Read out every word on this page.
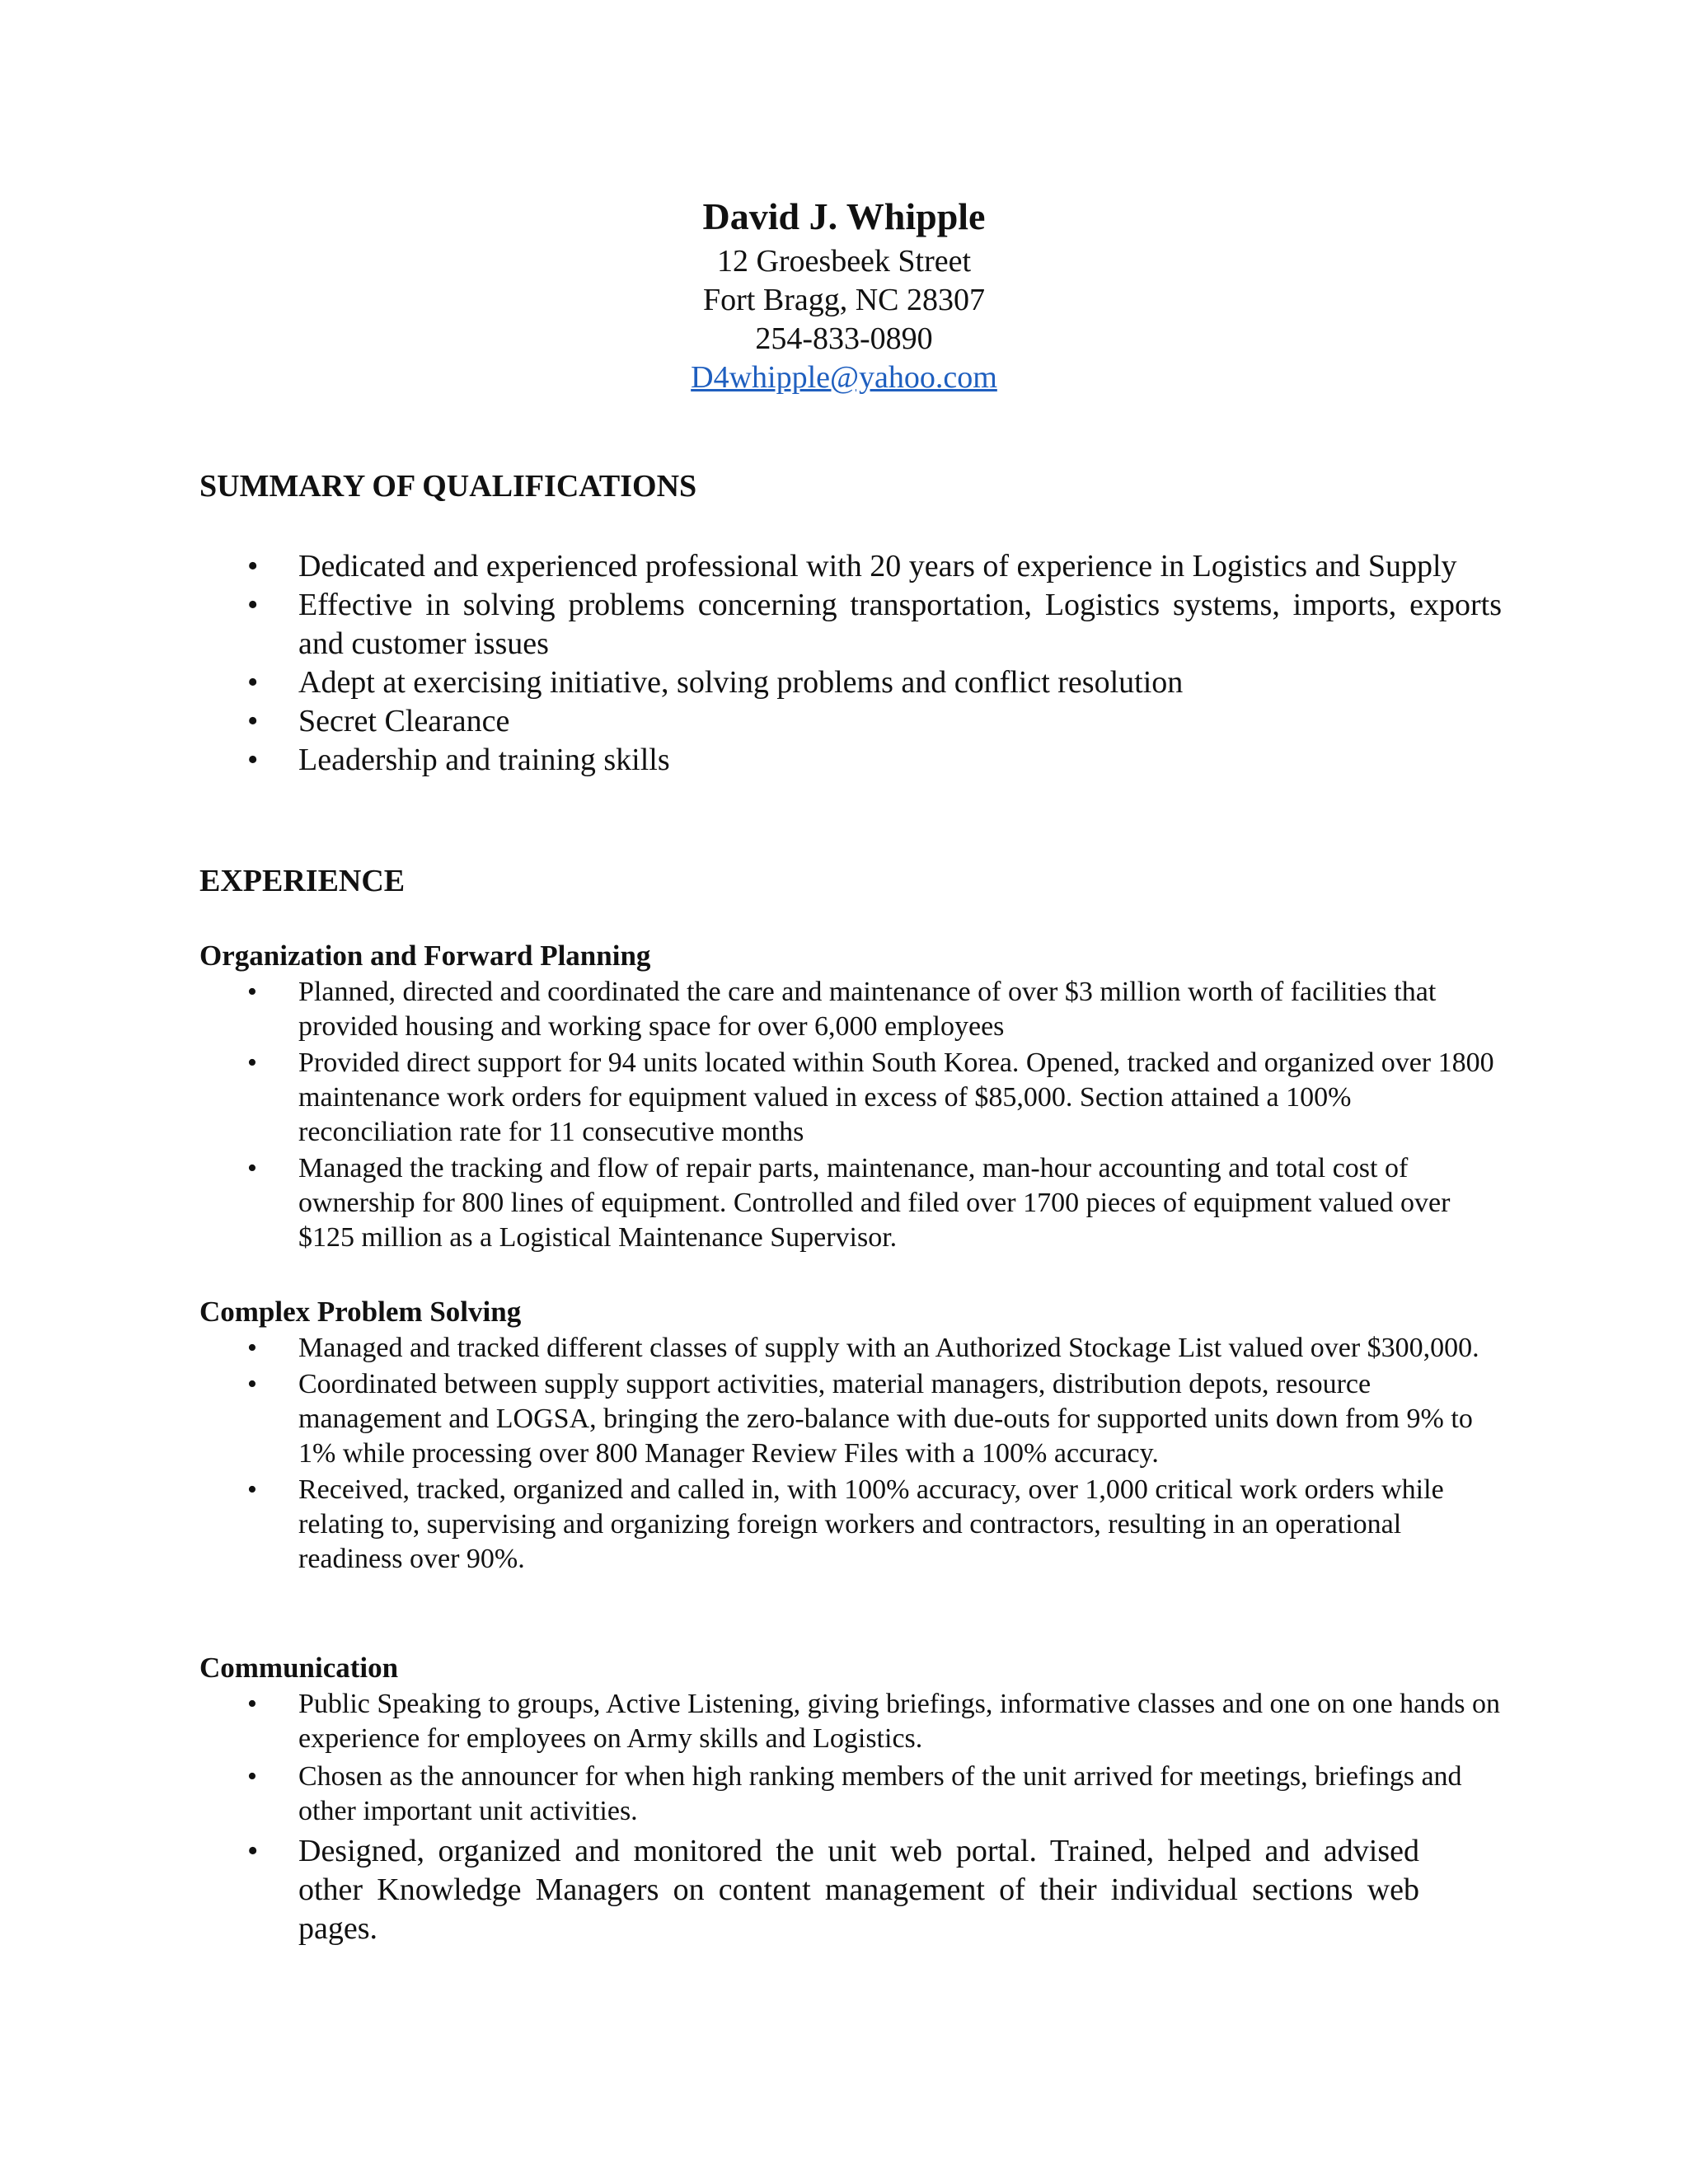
David J. Whipple
12 Groesbeek Street
Fort Bragg, NC 28307
254-833-0890
D4whipple@yahoo.com
SUMMARY OF QUALIFICATIONS
• Dedicated and experienced professional with 20 years of experience in Logistics and Supply
• Effective in solving problems concerning transportation, Logistics systems, imports, exports and customer issues
• Adept at exercising initiative, solving problems and conflict resolution
• Secret Clearance
• Leadership and training skills
EXPERIENCE
Organization and Forward Planning
• Planned, directed and coordinated the care and maintenance of over $3 million worth of facilities that provided housing and working space for over 6,000 employees
• Provided direct support for 94 units located within South Korea. Opened, tracked and organized over 1800 maintenance work orders for equipment valued in excess of $85,000. Section attained a 100% reconciliation rate for 11 consecutive months
• Managed the tracking and flow of repair parts, maintenance, man-hour accounting and total cost of ownership for 800 lines of equipment. Controlled and filed over 1700 pieces of equipment valued over $125 million as a Logistical Maintenance Supervisor.
Complex Problem Solving
• Managed and tracked different classes of supply with an Authorized Stockage List valued over $300,000.
• Coordinated between supply support activities, material managers, distribution depots, resource management and LOGSA, bringing the zero-balance with due-outs for supported units down from 9% to 1% while processing over 800 Manager Review Files with a 100% accuracy.
• Received, tracked, organized and called in, with 100% accuracy, over 1,000 critical work orders while relating to, supervising and organizing foreign workers and contractors, resulting in an operational readiness over 90%.
Communication
• Public Speaking to groups, Active Listening, giving briefings, informative classes and one on one hands on experience for employees on Army skills and Logistics.
• Chosen as the announcer for when high ranking members of the unit arrived for meetings, briefings and other important unit activities.
• Designed, organized and monitored the unit web portal. Trained, helped and advised other Knowledge Managers on content management of their individual sections web pages.
